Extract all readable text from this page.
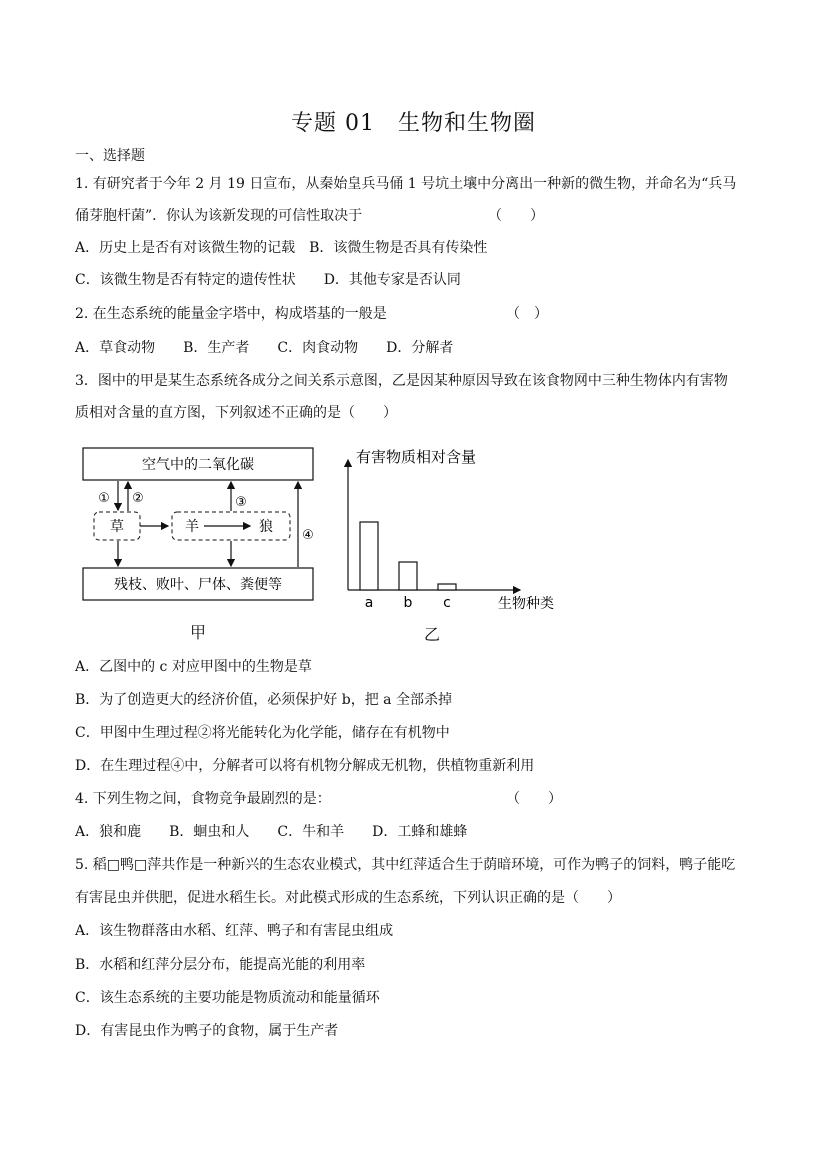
专题 01　生物和生物圈
一、选择题
1. 有研究者于今年 2 月 19 日宣布，从秦始皇兵马俑 1 号坑土壤中分离出一种新的微生物，并命名为“兵马
俑芽胞杆菌”．你认为该新发现的可信性取决于	（　　）
A．历史上是否有对该微生物的记载　B．该微生物是否具有传染性
C．该微生物是否有特定的遗传性状　　D．其他专家是否认同
2. 在生态系统的能量金字塔中，构成塔基的一般是	（　）
A．草食动物　　B．生产者　　C．肉食动物　　D．分解者
3．图中的甲是某生态系统各成分之间关系示意图，乙是因某种原因导致在该食物网中三种生物体内有害物
质相对含量的直方图，下列叙述不正确的是（　　）
空气中的二氧化碳
残枝、败叶、尸体、粪便等
草	羊	狼
① ②	③
④
甲
有害物质相对含量
生物种类
a b c
乙
A．乙图中的 c 对应甲图中的生物是草
B．为了创造更大的经济价值，必须保护好 b，把 a 全部杀掉
C．甲图中生理过程②将光能转化为化学能，储存在有机物中
D．在生理过程④中，分解者可以将有机物分解成无机物，供植物重新利用
4. 下列生物之间，食物竞争最剧烈的是：	（　　）
A．狼和鹿　　B．蛔虫和人　　C．牛和羊　　D．工蜂和雄蜂
5. 稻□鸭□萍共作是一种新兴的生态农业模式，其中红萍适合生于荫暗环境，可作为鸭子的饲料，鸭子能吃
有害昆虫并供肥，促进水稻生长。对此模式形成的生态系统，下列认识正确的是（　　）
A．该生物群落由水稻、红萍、鸭子和有害昆虫组成
B．水稻和红萍分层分布，能提高光能的利用率
C．该生态系统的主要功能是物质流动和能量循环
D．有害昆虫作为鸭子的食物，属于生产者
